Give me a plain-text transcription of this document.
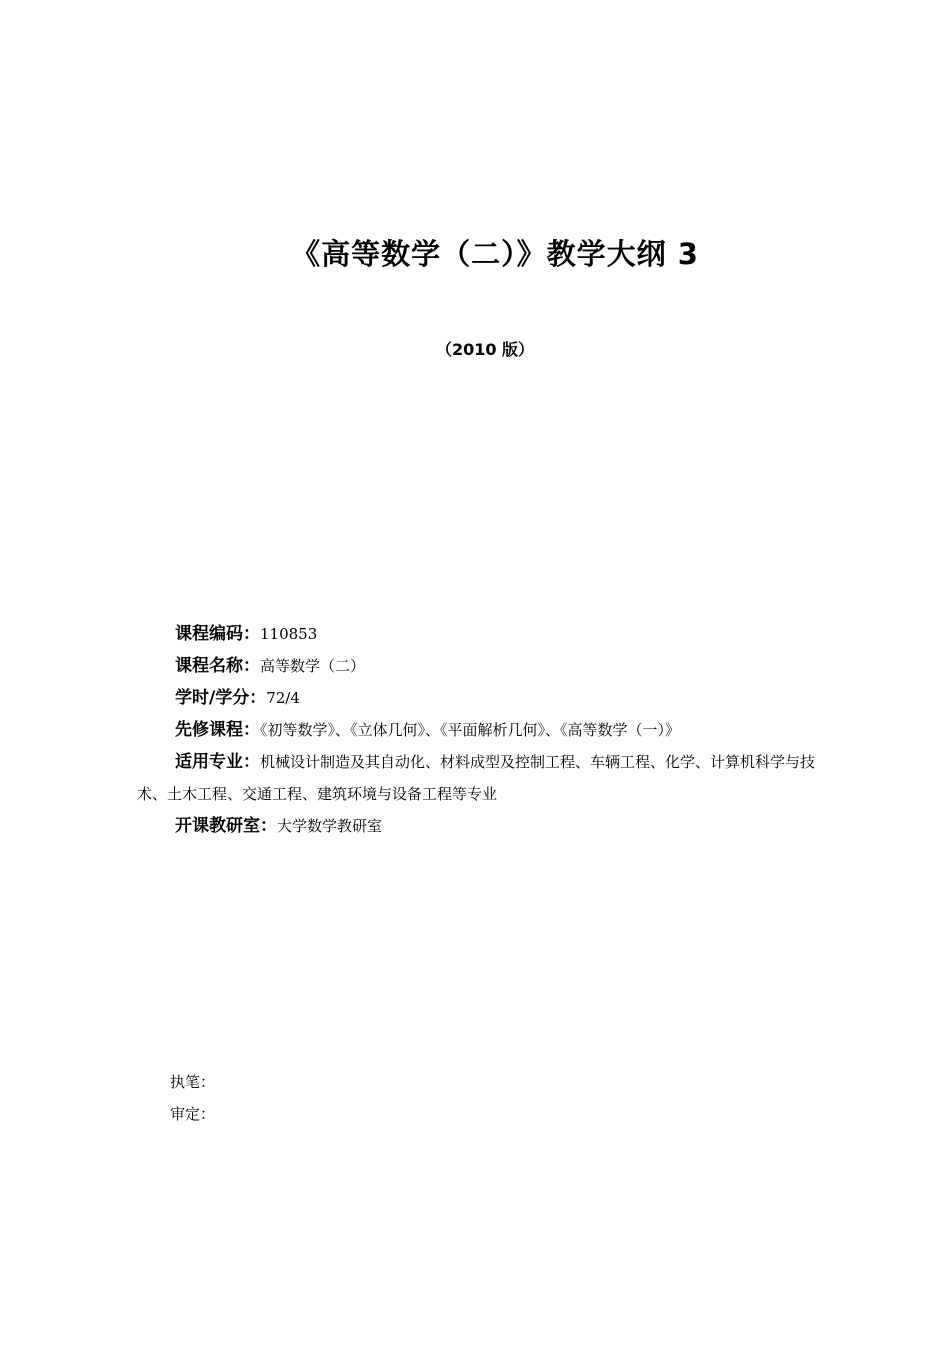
《高等数学（二）》教学大纲 3
（2010 版）
课程编码：110853
课程名称：高等数学（二）
学时/学分：72/4
先修课程：《初等数学》、《立体几何》、《平面解析几何》、《高等数学（一）》
适用专业：机械设计制造及其自动化、材料成型及控制工程、车辆工程、化学、计算机科学与技术、土木工程、交通工程、建筑环境与设备工程等专业
开课教研室：大学数学教研室
执笔：
审定：
